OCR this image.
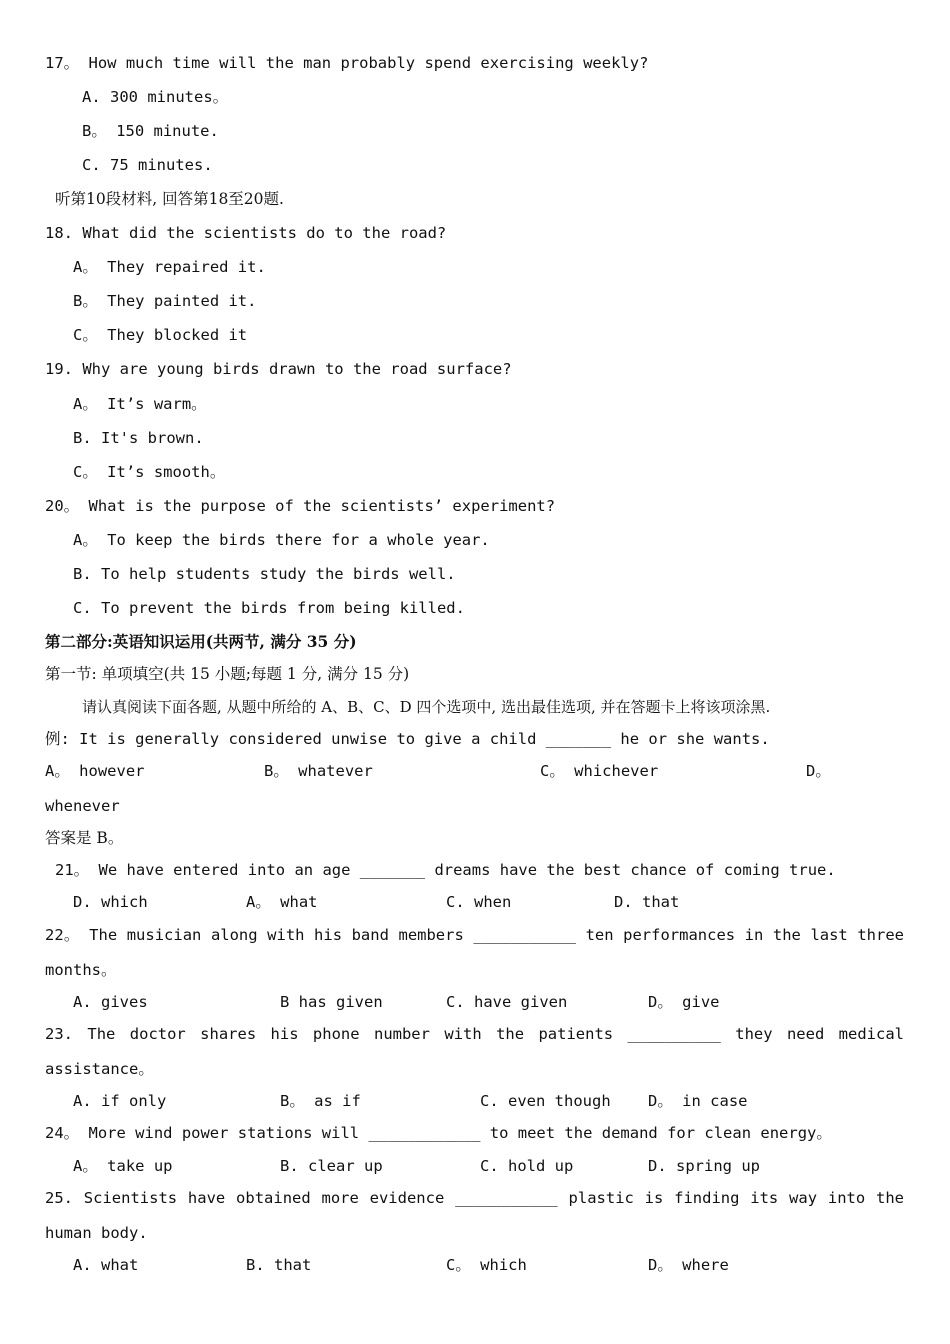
17。 How much time will the man probably spend exercising weekly?
A. 300 minutes。
B。 150 minute.
C. 75 minutes.
听第10段材料, 回答第18至20题.
18. What did the scientists do to the road?
A。 They repaired it.
B。 They painted it.
C。 They blocked it
19. Why are young birds drawn to the road surface?
A。 It’s warm。
B. It's brown.
C。 It’s smooth。
20。 What is the purpose of the scientists’ experiment?
A。 To keep the birds there for a whole year.
B. To help students study the birds well.
C. To prevent the birds from being killed.
第二部分:英语知识运用(共两节, 满分 35 分)
第一节: 单项填空(共 15 小题;每题 1 分, 满分 15 分)
请认真阅读下面各题, 从题中所给的 A、B、C、D 四个选项中, 选出最佳选项, 并在答题卡上将该项涂黑.
例: It is generally considered unwise to give a child _______ he or she wants.
A。 however	B。 whatever	C。 whichever	D。
whenever
答案是 B。
21。 We have entered into an age _______ dreams have the best chance of coming true.
D. which	A。 what	C. when	D. that
22。 The musician along with his band members ___________ ten performances in the last three
months。
A. gives	B has given	C. have given	D。 give
23. The doctor shares his phone number with the patients __________ they need medical
assistance。
A. if only	B。 as if	C. even though D。 in case
24。 More wind power stations will ____________ to meet the demand for clean energy。
A。 take up	B. clear up	C. hold up	D. spring up
25. Scientists have obtained more evidence ___________ plastic is finding its way into the
human body.
A. what	B. that	C。 which	D。 where
